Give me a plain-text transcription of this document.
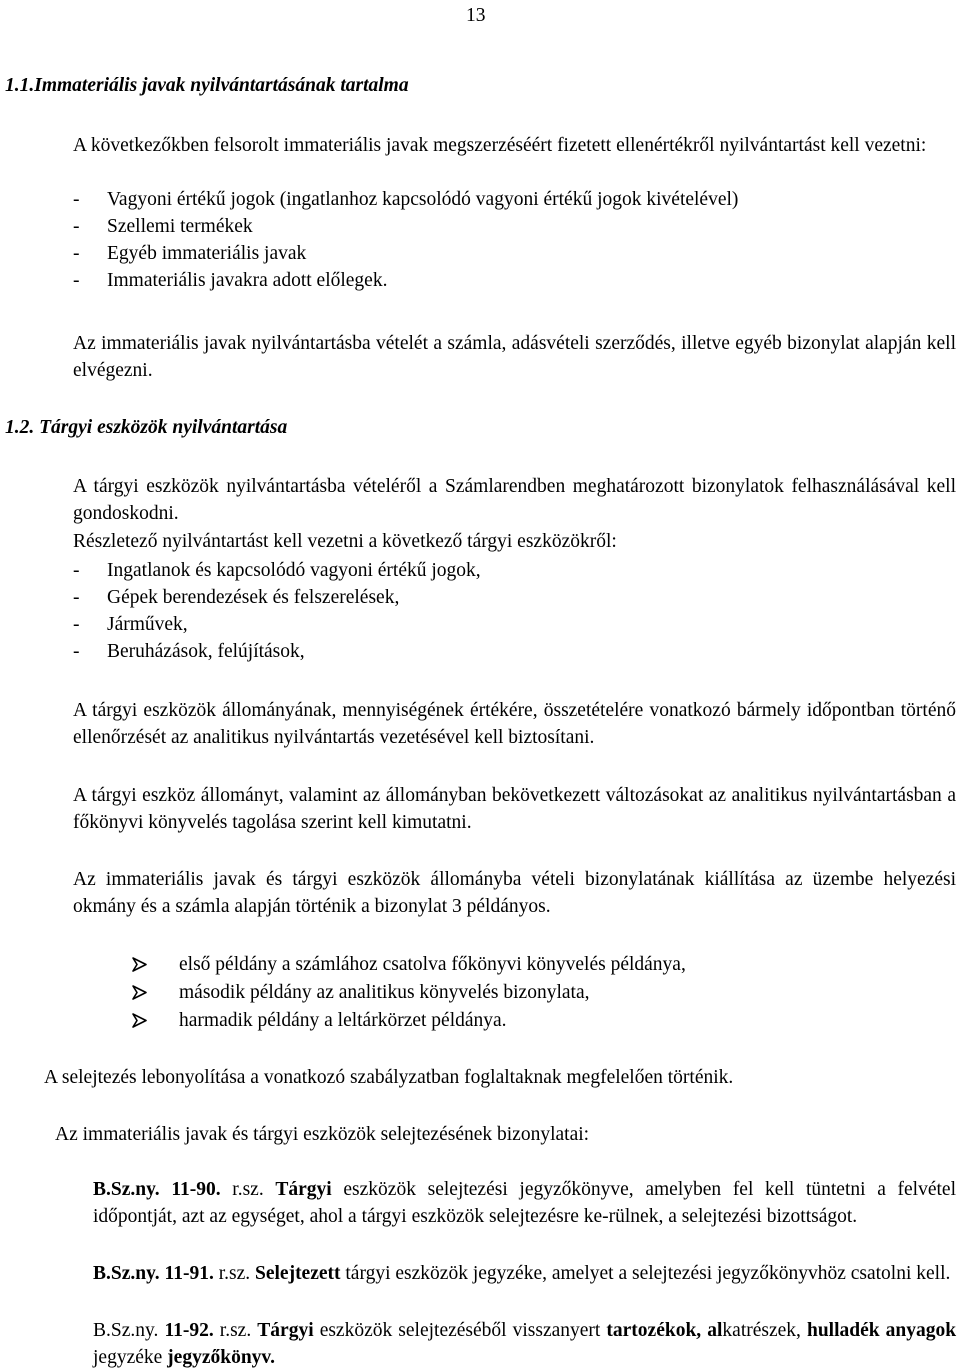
13
1.1.Immateriális javak nyilvántartásának tartalma
A következőkben felsorolt immateriális javak megszerzéséért fizetett ellenértékről nyilvántartást kell vezetni:
- Vagyoni értékű jogok (ingatlanhoz kapcsolódó vagyoni értékű jogok kivételével)
- Szellemi termékek
- Egyéb immateriális javak
- Immateriális javakra adott előlegek.
Az immateriális javak nyilvántartásba vételét a számla, adásvételi szerződés, illetve egyéb bizonylat alapján kell elvégezni.
1.2. Tárgyi eszközök nyilvántartása
A tárgyi eszközök nyilvántartásba vételéről a Számlarendben meghatározott bizonylatok felhasználásával kell gondoskodni.
Részletező nyilvántartást kell vezetni a következő tárgyi eszközökről:
- Ingatlanok és kapcsolódó vagyoni értékű jogok,
- Gépek berendezések és felszerelések,
- Járművek,
- Beruházások, felújítások,
A tárgyi eszközök állományának, mennyiségének értékére, összetételére vonatkozó bármely időpontban történő ellenőrzését az analitikus nyilvántartás vezetésével kell biztosítani.
A tárgyi eszköz állományt, valamint az állományban bekövetkezett változásokat az analitikus nyilvántartásban a főkönyvi könyvelés tagolása szerint kell kimutatni.
Az immateriális javak és tárgyi eszközök állományba vételi bizonylatának kiállítása az üzembe helyezési okmány és a számla alapján történik a bizonylat 3 példányos.
első példány a számlához csatolva főkönyvi könyvelés példánya,
második példány az analitikus könyvelés bizonylata,
harmadik példány a leltárkörzet példánya.
A selejtezés lebonyolítása a vonatkozó szabályzatban foglaltaknak megfelelően történik.
Az immateriális javak és tárgyi eszközök selejtezésének bizonylatai:
B.Sz.ny. 11-90. r.sz. Tárgyi eszközök selejtezési jegyzőkönyve, amelyben fel kell tüntetni a felvétel időpontját, azt az egységet, ahol a tárgyi eszközök selejtezésre ke-rülnek, a selejtezési bizottságot.
B.Sz.ny. 11-91. r.sz. Selejtezett tárgyi eszközök jegyzéke, amelyet a selejtezési jegyzőkönyvhöz csatolni kell.
B.Sz.ny. 11-92. r.sz. Tárgyi eszközök selejtezéséből visszanyert tartozékok, alkatrészek, hulladék anyagok jegyzéke jegyzőkönyv.
